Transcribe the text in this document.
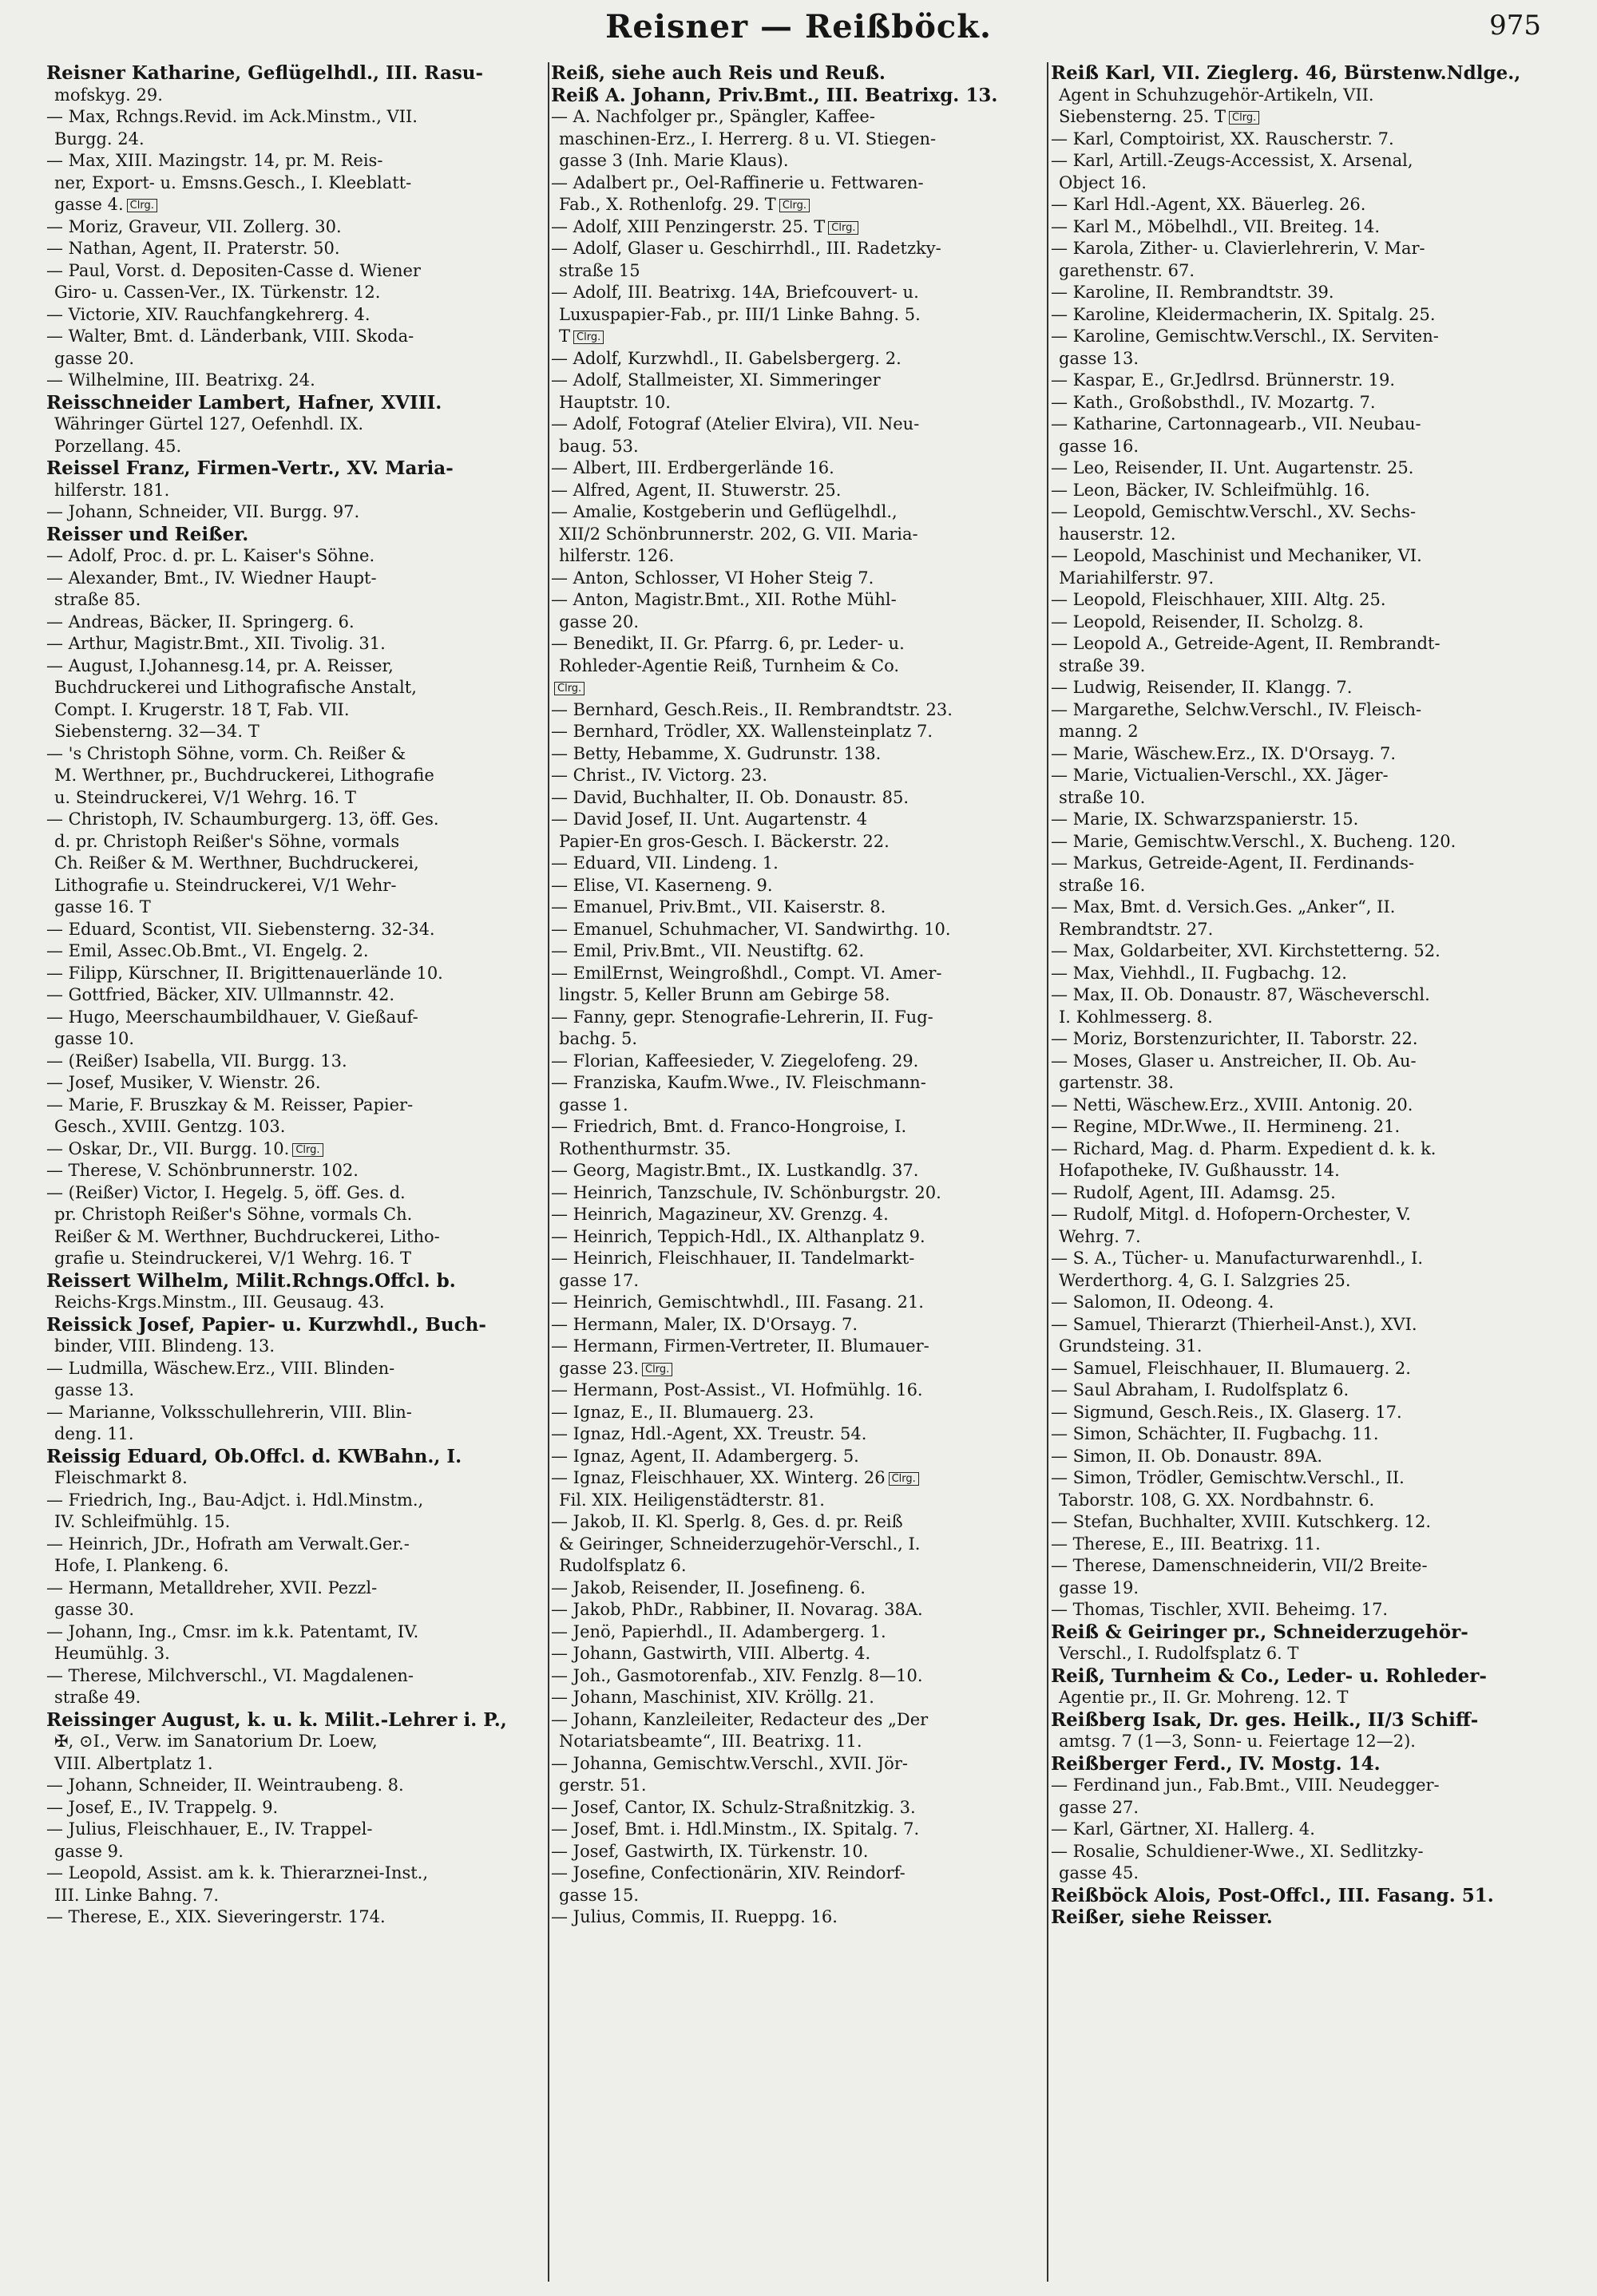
Reisner — Reißböck.	975
Reisner Katharine, Geflügelhdl., III. Rasu-
mofskyg. 29.
— Max, Rchngs.Revid. im Ack.Minstm., VII.
Burgg. 24.
— Max, XIII. Mazingstr. 14, pr. M. Reis-
ner, Export- u. Emsns.Gesch., I. Kleeblatt-
gasse 4. Clrg.
— Moriz, Graveur, VII. Zollerg. 30.
— Nathan, Agent, II. Praterstr. 50.
— Paul, Vorst. d. Depositen-Casse d. Wiener
Giro- u. Cassen-Ver., IX. Türkenstr. 12.
— Victorie, XIV. Rauchfangkehrerg. 4.
— Walter, Bmt. d. Länderbank, VIII. Skoda-
gasse 20.
— Wilhelmine, III. Beatrixg. 24.
Reisschneider Lambert, Hafner, XVIII.
Währinger Gürtel 127, Oefenhdl. IX.
Porzellang. 45.
Reissel Franz, Firmen-Vertr., XV. Maria-
hilferstr. 181.
— Johann, Schneider, VII. Burgg. 97.
Reisser und Reißer.
— Adolf, Proc. d. pr. L. Kaiser's Söhne.
— Alexander, Bmt., IV. Wiedner Haupt-
straße 85.
— Andreas, Bäcker, II. Springerg. 6.
— Arthur, Magistr.Bmt., XII. Tivolig. 31.
— August, I.Johannesg.14, pr. A. Reisser,
Buchdruckerei und Lithografische Anstalt,
Compt. I. Krugerstr. 18 T, Fab. VII.
Siebensterng. 32—34. T
— 's Christoph Söhne, vorm. Ch. Reißer &
M. Werthner, pr., Buchdruckerei, Lithografie
u. Steindruckerei, V/1 Wehrg. 16. T
— Christoph, IV. Schaumburgerg. 13, öff. Ges.
d. pr. Christoph Reißer's Söhne, vormals
Ch. Reißer & M. Werthner, Buchdruckerei,
Lithografie u. Steindruckerei, V/1 Wehr-
gasse 16. T
— Eduard, Scontist, VII. Siebensterng. 32-34.
— Emil, Assec.Ob.Bmt., VI. Engelg. 2.
— Filipp, Kürschner, II. Brigittenauerlände 10.
— Gottfried, Bäcker, XIV. Ullmannstr. 42.
— Hugo, Meerschaumbildhauer, V. Gießauf-
gasse 10.
— (Reißer) Isabella, VII. Burgg. 13.
— Josef, Musiker, V. Wienstr. 26.
— Marie, F. Bruszkay & M. Reisser, Papier-
Gesch., XVIII. Gentzg. 103.
— Oskar, Dr., VII. Burgg. 10. Clrg.
— Therese, V. Schönbrunnerstr. 102.
— (Reißer) Victor, I. Hegelg. 5, öff. Ges. d.
pr. Christoph Reißer's Söhne, vormals Ch.
Reißer & M. Werthner, Buchdruckerei, Litho-
grafie u. Steindruckerei, V/1 Wehrg. 16. T
Reissert Wilhelm, Milit.Rchngs.Offcl. b.
Reichs-Krgs.Minstm., III. Geusaug. 43.
Reissick Josef, Papier- u. Kurzwhdl., Buch-
binder, VIII. Blindeng. 13.
— Ludmilla, Wäschew.Erz., VIII. Blinden-
gasse 13.
— Marianne, Volksschullehrerin, VIII. Blin-
deng. 11.
Reissig Eduard, Ob.Offcl. d. KWBahn., I.
Fleischmarkt 8.
— Friedrich, Ing., Bau-Adjct. i. Hdl.Minstm.,
IV. Schleifmühlg. 15.
— Heinrich, JDr., Hofrath am Verwalt.Ger.-
Hofe, I. Plankeng. 6.
— Hermann, Metalldreher, XVII. Pezzl-
gasse 30.
— Johann, Ing., Cmsr. im k.k. Patentamt, IV.
Heumühlg. 3.
— Therese, Milchverschl., VI. Magdalenen-
straße 49.
Reissinger August, k. u. k. Milit.-Lehrer i. P.,
✠, ⊙I., Verw. im Sanatorium Dr. Loew,
VIII. Albertplatz 1.
— Johann, Schneider, II. Weintraubeng. 8.
— Josef, E., IV. Trappelg. 9.
— Julius, Fleischhauer, E., IV. Trappel-
gasse 9.
— Leopold, Assist. am k. k. Thierarznei-Inst.,
III. Linke Bahng. 7.
— Therese, E., XIX. Sieveringerstr. 174.
Reiß, siehe auch Reis und Reuß.
Reiß A. Johann, Priv.Bmt., III. Beatrixg. 13.
— A. Nachfolger pr., Spängler, Kaffee-
maschinen-Erz., I. Herrerg. 8 u. VI. Stiegen-
gasse 3 (Inh. Marie Klaus).
— Adalbert pr., Oel-Raffinerie u. Fettwaren-
Fab., X. Rothenlofg. 29. T Clrg.
— Adolf, XIII Penzingerstr. 25. T Clrg.
— Adolf, Glaser u. Geschirrhdl., III. Radetzky-
straße 15
— Adolf, III. Beatrixg. 14A, Briefcouvert- u.
Luxuspapier-Fab., pr. III/1 Linke Bahng. 5.
T Clrg.
— Adolf, Kurzwhdl., II. Gabelsbergerg. 2.
— Adolf, Stallmeister, XI. Simmeringer
Hauptstr. 10.
— Adolf, Fotograf (Atelier Elvira), VII. Neu-
baug. 53.
— Albert, III. Erdbergerlände 16.
— Alfred, Agent, II. Stuwerstr. 25.
— Amalie, Kostgeberin und Geflügelhdl.,
XII/2 Schönbrunnerstr. 202, G. VII. Maria-
hilferstr. 126.
— Anton, Schlosser, VI Hoher Steig 7.
— Anton, Magistr.Bmt., XII. Rothe Mühl-
gasse 20.
— Benedikt, II. Gr. Pfarrg. 6, pr. Leder- u.
Rohleder-Agentie Reiß, Turnheim & Co.
Clrg.
— Bernhard, Gesch.Reis., II. Rembrandtstr. 23.
— Bernhard, Trödler, XX. Wallensteinplatz 7.
— Betty, Hebamme, X. Gudrunstr. 138.
— Christ., IV. Victorg. 23.
— David, Buchhalter, II. Ob. Donaustr. 85.
— David Josef, II. Unt. Augartenstr. 4
Papier-En gros-Gesch. I. Bäckerstr. 22.
— Eduard, VII. Lindeng. 1.
— Elise, VI. Kaserneng. 9.
— Emanuel, Priv.Bmt., VII. Kaiserstr. 8.
— Emanuel, Schuhmacher, VI. Sandwirthg. 10.
— Emil, Priv.Bmt., VII. Neustiftg. 62.
— EmilErnst, Weingroßhdl., Compt. VI. Amer-
lingstr. 5, Keller Brunn am Gebirge 58.
— Fanny, gepr. Stenografie-Lehrerin, II. Fug-
bachg. 5.
— Florian, Kaffeesieder, V. Ziegelofeng. 29.
— Franziska, Kaufm.Wwe., IV. Fleischmann-
gasse 1.
— Friedrich, Bmt. d. Franco-Hongroise, I.
Rothenthurmstr. 35.
— Georg, Magistr.Bmt., IX. Lustkandlg. 37.
— Heinrich, Tanzschule, IV. Schönburgstr. 20.
— Heinrich, Magazineur, XV. Grenzg. 4.
— Heinrich, Teppich-Hdl., IX. Althanplatz 9.
— Heinrich, Fleischhauer, II. Tandelmarkt-
gasse 17.
— Heinrich, Gemischtwhdl., III. Fasang. 21.
— Hermann, Maler, IX. D'Orsayg. 7.
— Hermann, Firmen-Vertreter, II. Blumauer-
gasse 23. Clrg.
— Hermann, Post-Assist., VI. Hofmühlg. 16.
— Ignaz, E., II. Blumauerg. 23.
— Ignaz, Hdl.-Agent, XX. Treustr. 54.
— Ignaz, Agent, II. Adambergerg. 5.
— Ignaz, Fleischhauer, XX. Winterg. 26 Clrg.
Fil. XIX. Heiligenstädterstr. 81.
— Jakob, II. Kl. Sperlg. 8, Ges. d. pr. Reiß
& Geiringer, Schneiderzugehör-Verschl., I.
Rudolfsplatz 6.
— Jakob, Reisender, II. Josefineng. 6.
— Jakob, PhDr., Rabbiner, II. Novarag. 38A.
— Jenö, Papierhdl., II. Adambergerg. 1.
— Johann, Gastwirth, VIII. Albertg. 4.
— Joh., Gasmotorenfab., XIV. Fenzlg. 8—10.
— Johann, Maschinist, XIV. Kröllg. 21.
— Johann, Kanzleileiter, Redacteur des „Der
Notariatsbeamte“, III. Beatrixg. 11.
— Johanna, Gemischtw.Verschl., XVII. Jör-
gerstr. 51.
— Josef, Cantor, IX. Schulz-Straßnitzkig. 3.
— Josef, Bmt. i. Hdl.Minstm., IX. Spitalg. 7.
— Josef, Gastwirth, IX. Türkenstr. 10.
— Josefine, Confectionärin, XIV. Reindorf-
gasse 15.
— Julius, Commis, II. Rueppg. 16.
Reiß Karl, VII. Zieglerg. 46, Bürstenw.Ndlge.,
Agent in Schuhzugehör-Artikeln, VII.
Siebensterng. 25. T Clrg.
— Karl, Comptoirist, XX. Rauscherstr. 7.
— Karl, Artill.-Zeugs-Accessist, X. Arsenal,
Object 16.
— Karl Hdl.-Agent, XX. Bäuerleg. 26.
— Karl M., Möbelhdl., VII. Breiteg. 14.
— Karola, Zither- u. Clavierlehrerin, V. Mar-
garethenstr. 67.
— Karoline, II. Rembrandtstr. 39.
— Karoline, Kleidermacherin, IX. Spitalg. 25.
— Karoline, Gemischtw.Verschl., IX. Serviten-
gasse 13.
— Kaspar, E., Gr.Jedlrsd. Brünnerstr. 19.
— Kath., Großobsthdl., IV. Mozartg. 7.
— Katharine, Cartonnagearb., VII. Neubau-
gasse 16.
— Leo, Reisender, II. Unt. Augartenstr. 25.
— Leon, Bäcker, IV. Schleifmühlg. 16.
— Leopold, Gemischtw.Verschl., XV. Sechs-
hauserstr. 12.
— Leopold, Maschinist und Mechaniker, VI.
Mariahilferstr. 97.
— Leopold, Fleischhauer, XIII. Altg. 25.
— Leopold, Reisender, II. Scholzg. 8.
— Leopold A., Getreide-Agent, II. Rembrandt-
straße 39.
— Ludwig, Reisender, II. Klangg. 7.
— Margarethe, Selchw.Verschl., IV. Fleisch-
manng. 2
— Marie, Wäschew.Erz., IX. D'Orsayg. 7.
— Marie, Victualien-Verschl., XX. Jäger-
straße 10.
— Marie, IX. Schwarzspanierstr. 15.
— Marie, Gemischtw.Verschl., X. Bucheng. 120.
— Markus, Getreide-Agent, II. Ferdinands-
straße 16.
— Max, Bmt. d. Versich.Ges. „Anker“, II.
Rembrandtstr. 27.
— Max, Goldarbeiter, XVI. Kirchstetterng. 52.
— Max, Viehhdl., II. Fugbachg. 12.
— Max, II. Ob. Donaustr. 87, Wäscheverschl.
I. Kohlmesserg. 8.
— Moriz, Borstenzurichter, II. Taborstr. 22.
— Moses, Glaser u. Anstreicher, II. Ob. Au-
gartenstr. 38.
— Netti, Wäschew.Erz., XVIII. Antonig. 20.
— Regine, MDr.Wwe., II. Hermineng. 21.
— Richard, Mag. d. Pharm. Expedient d. k. k.
Hofapotheke, IV. Gußhausstr. 14.
— Rudolf, Agent, III. Adamsg. 25.
— Rudolf, Mitgl. d. Hofopern-Orchester, V.
Wehrg. 7.
— S. A., Tücher- u. Manufacturwarenhdl., I.
Werderthorg. 4, G. I. Salzgries 25.
— Salomon, II. Odeong. 4.
— Samuel, Thierarzt (Thierheil-Anst.), XVI.
Grundsteing. 31.
— Samuel, Fleischhauer, II. Blumauerg. 2.
— Saul Abraham, I. Rudolfsplatz 6.
— Sigmund, Gesch.Reis., IX. Glaserg. 17.
— Simon, Schächter, II. Fugbachg. 11.
— Simon, II. Ob. Donaustr. 89A.
— Simon, Trödler, Gemischtw.Verschl., II.
Taborstr. 108, G. XX. Nordbahnstr. 6.
— Stefan, Buchhalter, XVIII. Kutschkerg. 12.
— Therese, E., III. Beatrixg. 11.
— Therese, Damenschneiderin, VII/2 Breite-
gasse 19.
— Thomas, Tischler, XVII. Beheimg. 17.
Reiß & Geiringer pr., Schneiderzugehör-
Verschl., I. Rudolfsplatz 6. T
Reiß, Turnheim & Co., Leder- u. Rohleder-
Agentie pr., II. Gr. Mohreng. 12. T
Reißberg Isak, Dr. ges. Heilk., II/3 Schiff-
amtsg. 7 (1—3, Sonn- u. Feiertage 12—2).
Reißberger Ferd., IV. Mostg. 14.
— Ferdinand jun., Fab.Bmt., VIII. Neudegger-
gasse 27.
— Karl, Gärtner, XI. Hallerg. 4.
— Rosalie, Schuldiener-Wwe., XI. Sedlitzky-
gasse 45.
Reißböck Alois, Post-Offcl., III. Fasang. 51.
Reißer, siehe Reisser.
